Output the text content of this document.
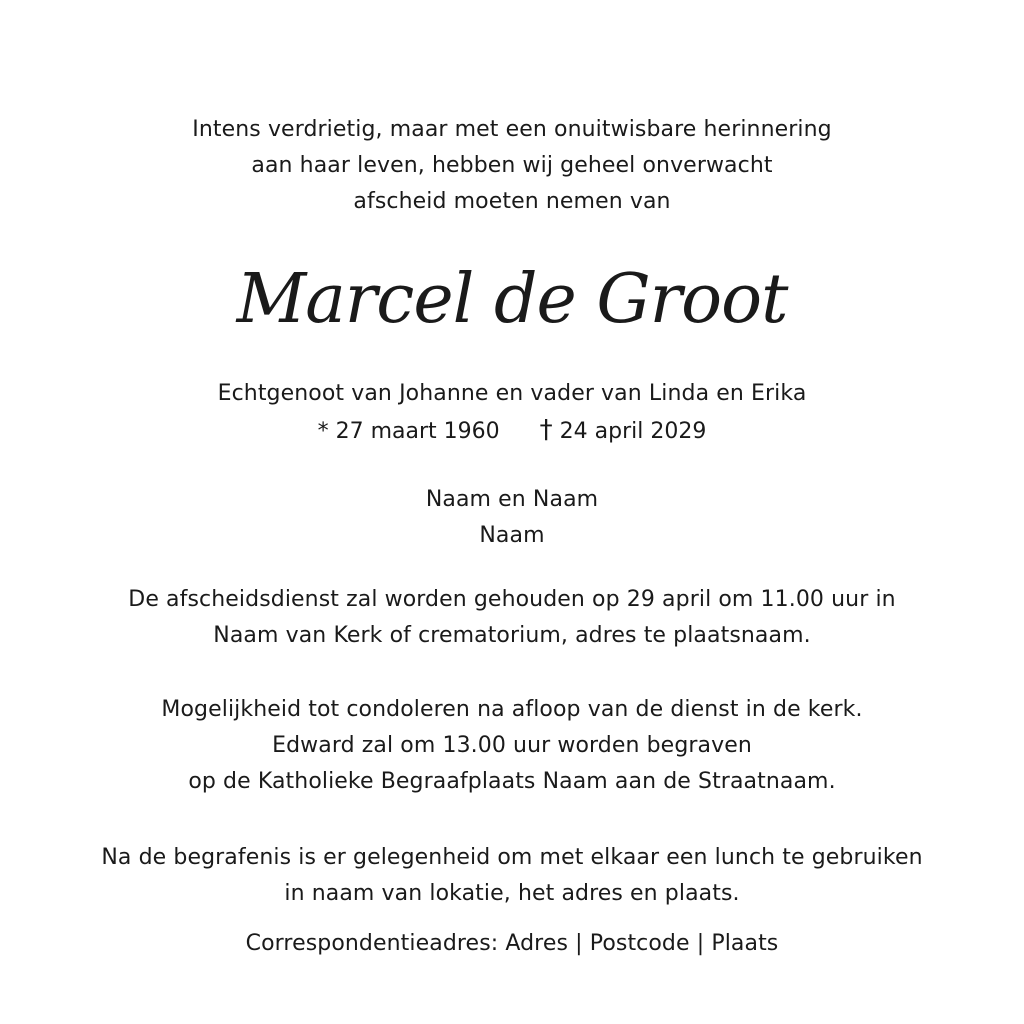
Intens verdrietig, maar met een onuitwisbare herinnering
aan haar leven, hebben wij geheel onverwacht
afscheid moeten nemen van
Marcel de Groot
Echtgenoot van Johanne en vader van Linda en Erika
* 27 maart 1960 † 24 april 2029
Naam en Naam
Naam
De afscheidsdienst zal worden gehouden op 29 april om 11.00 uur in
Naam van Kerk of crematorium, adres te plaatsnaam.
Mogelijkheid tot condoleren na afloop van de dienst in de kerk.
Edward zal om 13.00 uur worden begraven
op de Katholieke Begraafplaats Naam aan de Straatnaam.
Na de begrafenis is er gelegenheid om met elkaar een lunch te gebruiken
in naam van lokatie, het adres en plaats.
Correspondentieadres: Adres | Postcode | Plaats
